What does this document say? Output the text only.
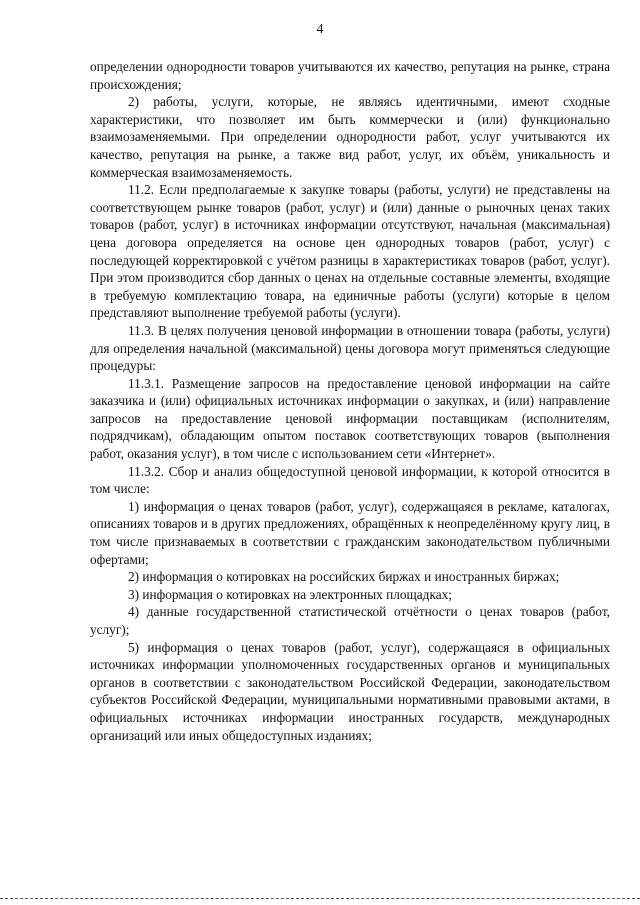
4

определении однородности товаров учитываются их качество, репутация на рынке, страна происхождения;

2) работы, услуги, которые, не являясь идентичными, имеют сходные характеристики, что позволяет им быть коммерчески и (или) функционально взаимозаменяемыми. При определении однородности работ, услуг учитываются их качество, репутация на рынке, а также вид работ, услуг, их объём, уникальность и коммерческая взаимозаменяемость.

11.2. Если предполагаемые к закупке товары (работы, услуги) не представлены на соответствующем рынке товаров (работ, услуг) и (или) данные о рыночных ценах таких товаров (работ, услуг) в источниках информации отсутствуют, начальная (максимальная) цена договора определяется на основе цен однородных товаров (работ, услуг) с последующей корректировкой с учётом разницы в характеристиках товаров (работ, услуг). При этом производится сбор данных о ценах на отдельные составные элементы, входящие в требуемую комплектацию товара, на единичные работы (услуги) которые в целом представляют выполнение требуемой работы (услуги).

11.3. В целях получения ценовой информации в отношении товара (работы, услуги) для определения начальной (максимальной) цены договора могут применяться следующие процедуры:

11.3.1. Размещение запросов на предоставление ценовой информации на сайте заказчика и (или) официальных источниках информации о закупках, и (или) направление запросов на предоставление ценовой информации поставщикам (исполнителям, подрядчикам), обладающим опытом поставок соответствующих товаров (выполнения работ, оказания услуг), в том числе с использованием сети «Интернет».

11.3.2. Сбор и анализ общедоступной ценовой информации, к которой относится в том числе:

1) информация о ценах товаров (работ, услуг), содержащаяся в рекламе, каталогах, описаниях товаров и в других предложениях, обращённых к неопределённому кругу лиц, в том числе признаваемых в соответствии с гражданским законодательством публичными офертами;

2) информация о котировках на российских биржах и иностранных биржах;

3) информация о котировках на электронных площадках;

4) данные государственной статистической отчётности о ценах товаров (работ, услуг);

5) информация о ценах товаров (работ, услуг), содержащаяся в официальных источниках информации уполномоченных государственных органов и муниципальных органов в соответствии с законодательством Российской Федерации, законодательством субъектов Российской Федерации, муниципальными нормативными правовыми актами, в официальных источниках информации иностранных государств, международных организаций или иных общедоступных изданиях;
